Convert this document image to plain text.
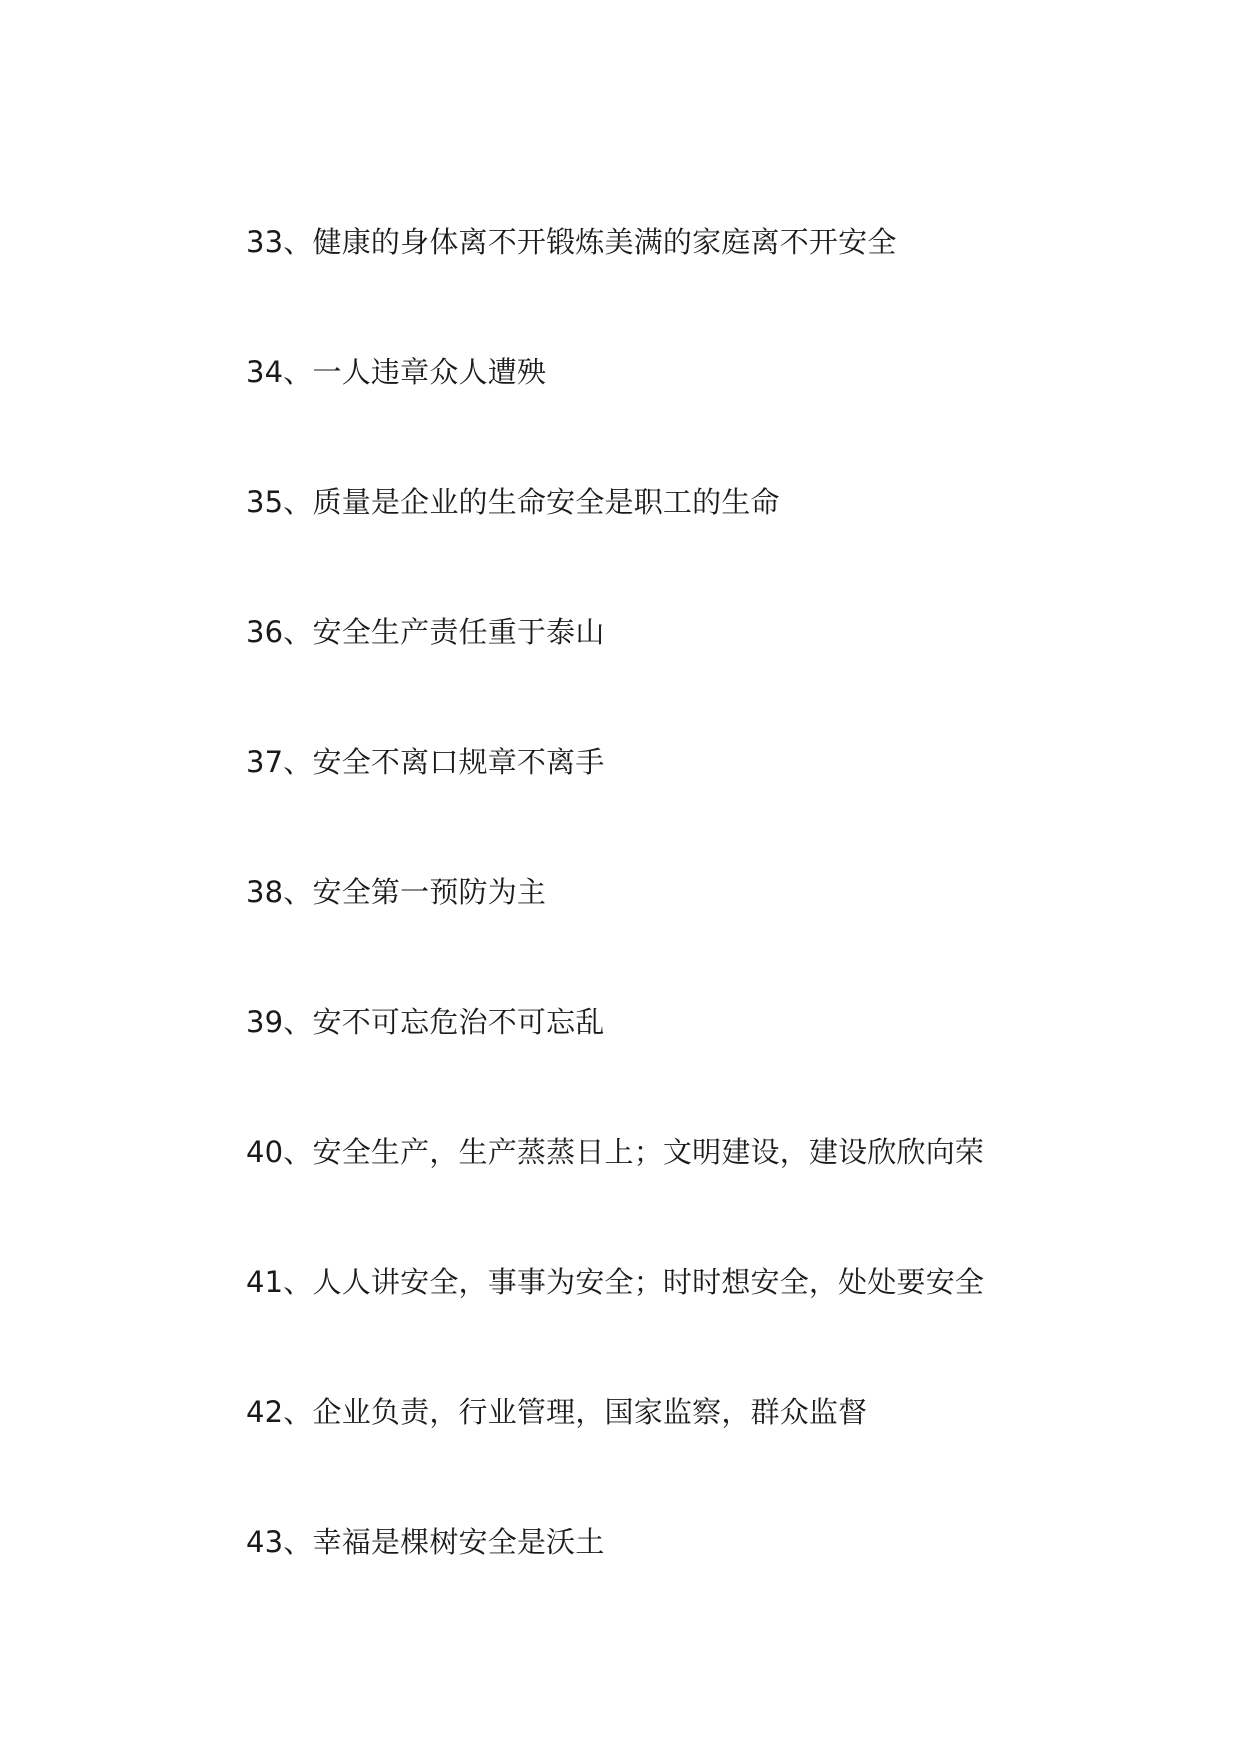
33、健康的身体离不开锻炼美满的家庭离不开安全
34、一人违章众人遭殃
35、质量是企业的生命安全是职工的生命
36、安全生产责任重于泰山
37、安全不离口规章不离手
38、安全第一预防为主
39、安不可忘危治不可忘乱
40、安全生产，生产蒸蒸日上；文明建设，建设欣欣向荣
41、人人讲安全，事事为安全；时时想安全，处处要安全
42、企业负责，行业管理，国家监察，群众监督
43、幸福是棵树安全是沃土
